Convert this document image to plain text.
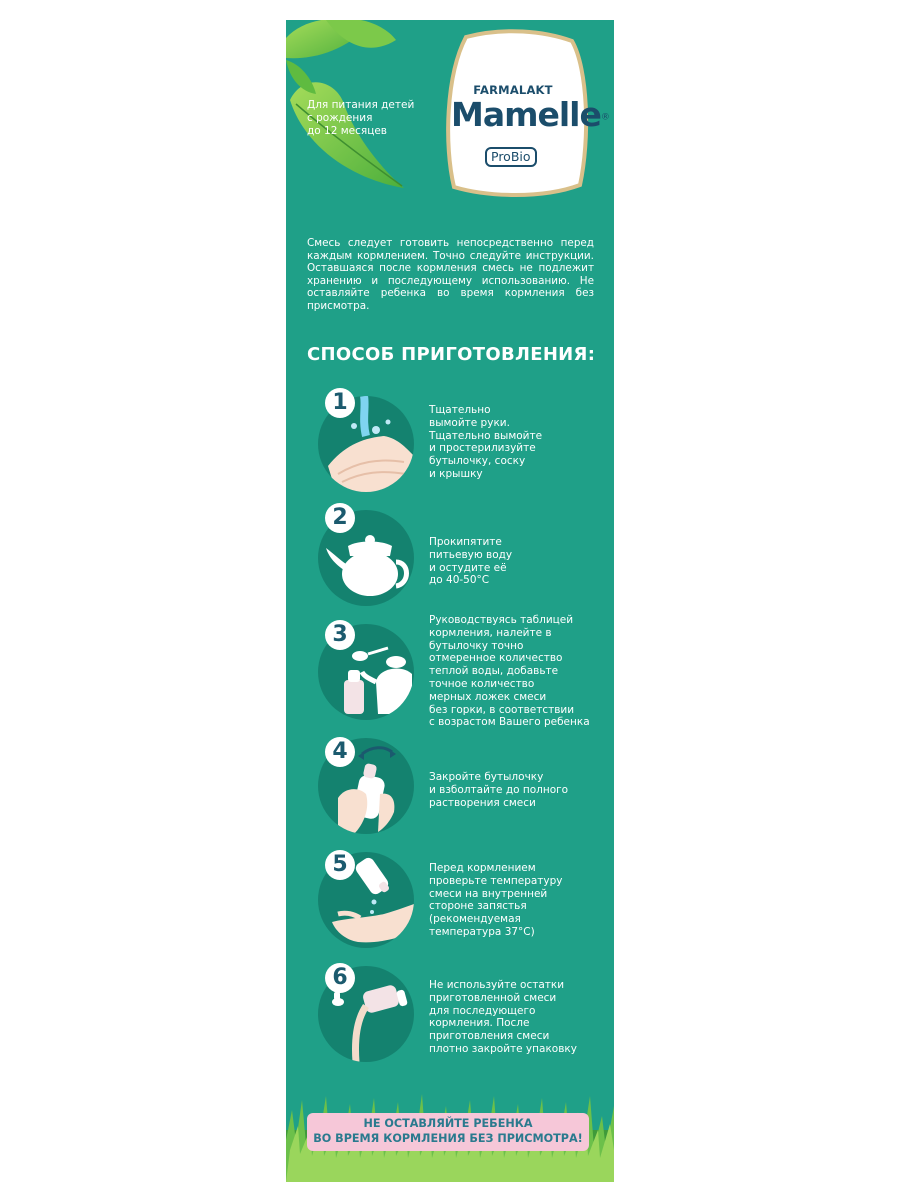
Для питания детей
с рождения
до 12 месяцев
FARMALAKT
Mamelle®
ProBio
Смесь следует готовить непосредственно перед каждым кормлением. Точно следуйте инструкции. Оставшаяся после кормления смесь не подлежит хранению и последующему использованию. Не оставляйте ребенка во время кормления без присмотра.
СПОСОБ ПРИГОТОВЛЕНИЯ:
1	Тщательно
вымойте руки.
Тщательно вымойте
и простерилизуйте
бутылочку, соску
и крышку
2
Прокипятите
питьевую воду
и остудите её
до 40-50°С
3
Руководствуясь таблицей
кормления, налейте в
бутылочку точно
отмеренное количество
теплой воды, добавьте
точное количество
мерных ложек смеси
без горки, в соответствии
с возрастом Вашего ребенка
4
Закройте бутылочку
и взболтайте до полного
растворения смеси
5	Перед кормлением
проверьте температуру
смеси на внутренней
стороне запястья
(рекомендуемая
температура 37°С)
6	Не используйте остатки
приготовленной смеси
для последующего
кормления. После
приготовления смеси
плотно закройте упаковку
НЕ ОСТАВЛЯЙТЕ РЕБЕНКА
ВО ВРЕМЯ КОРМЛЕНИЯ БЕЗ ПРИСМОТРА!
